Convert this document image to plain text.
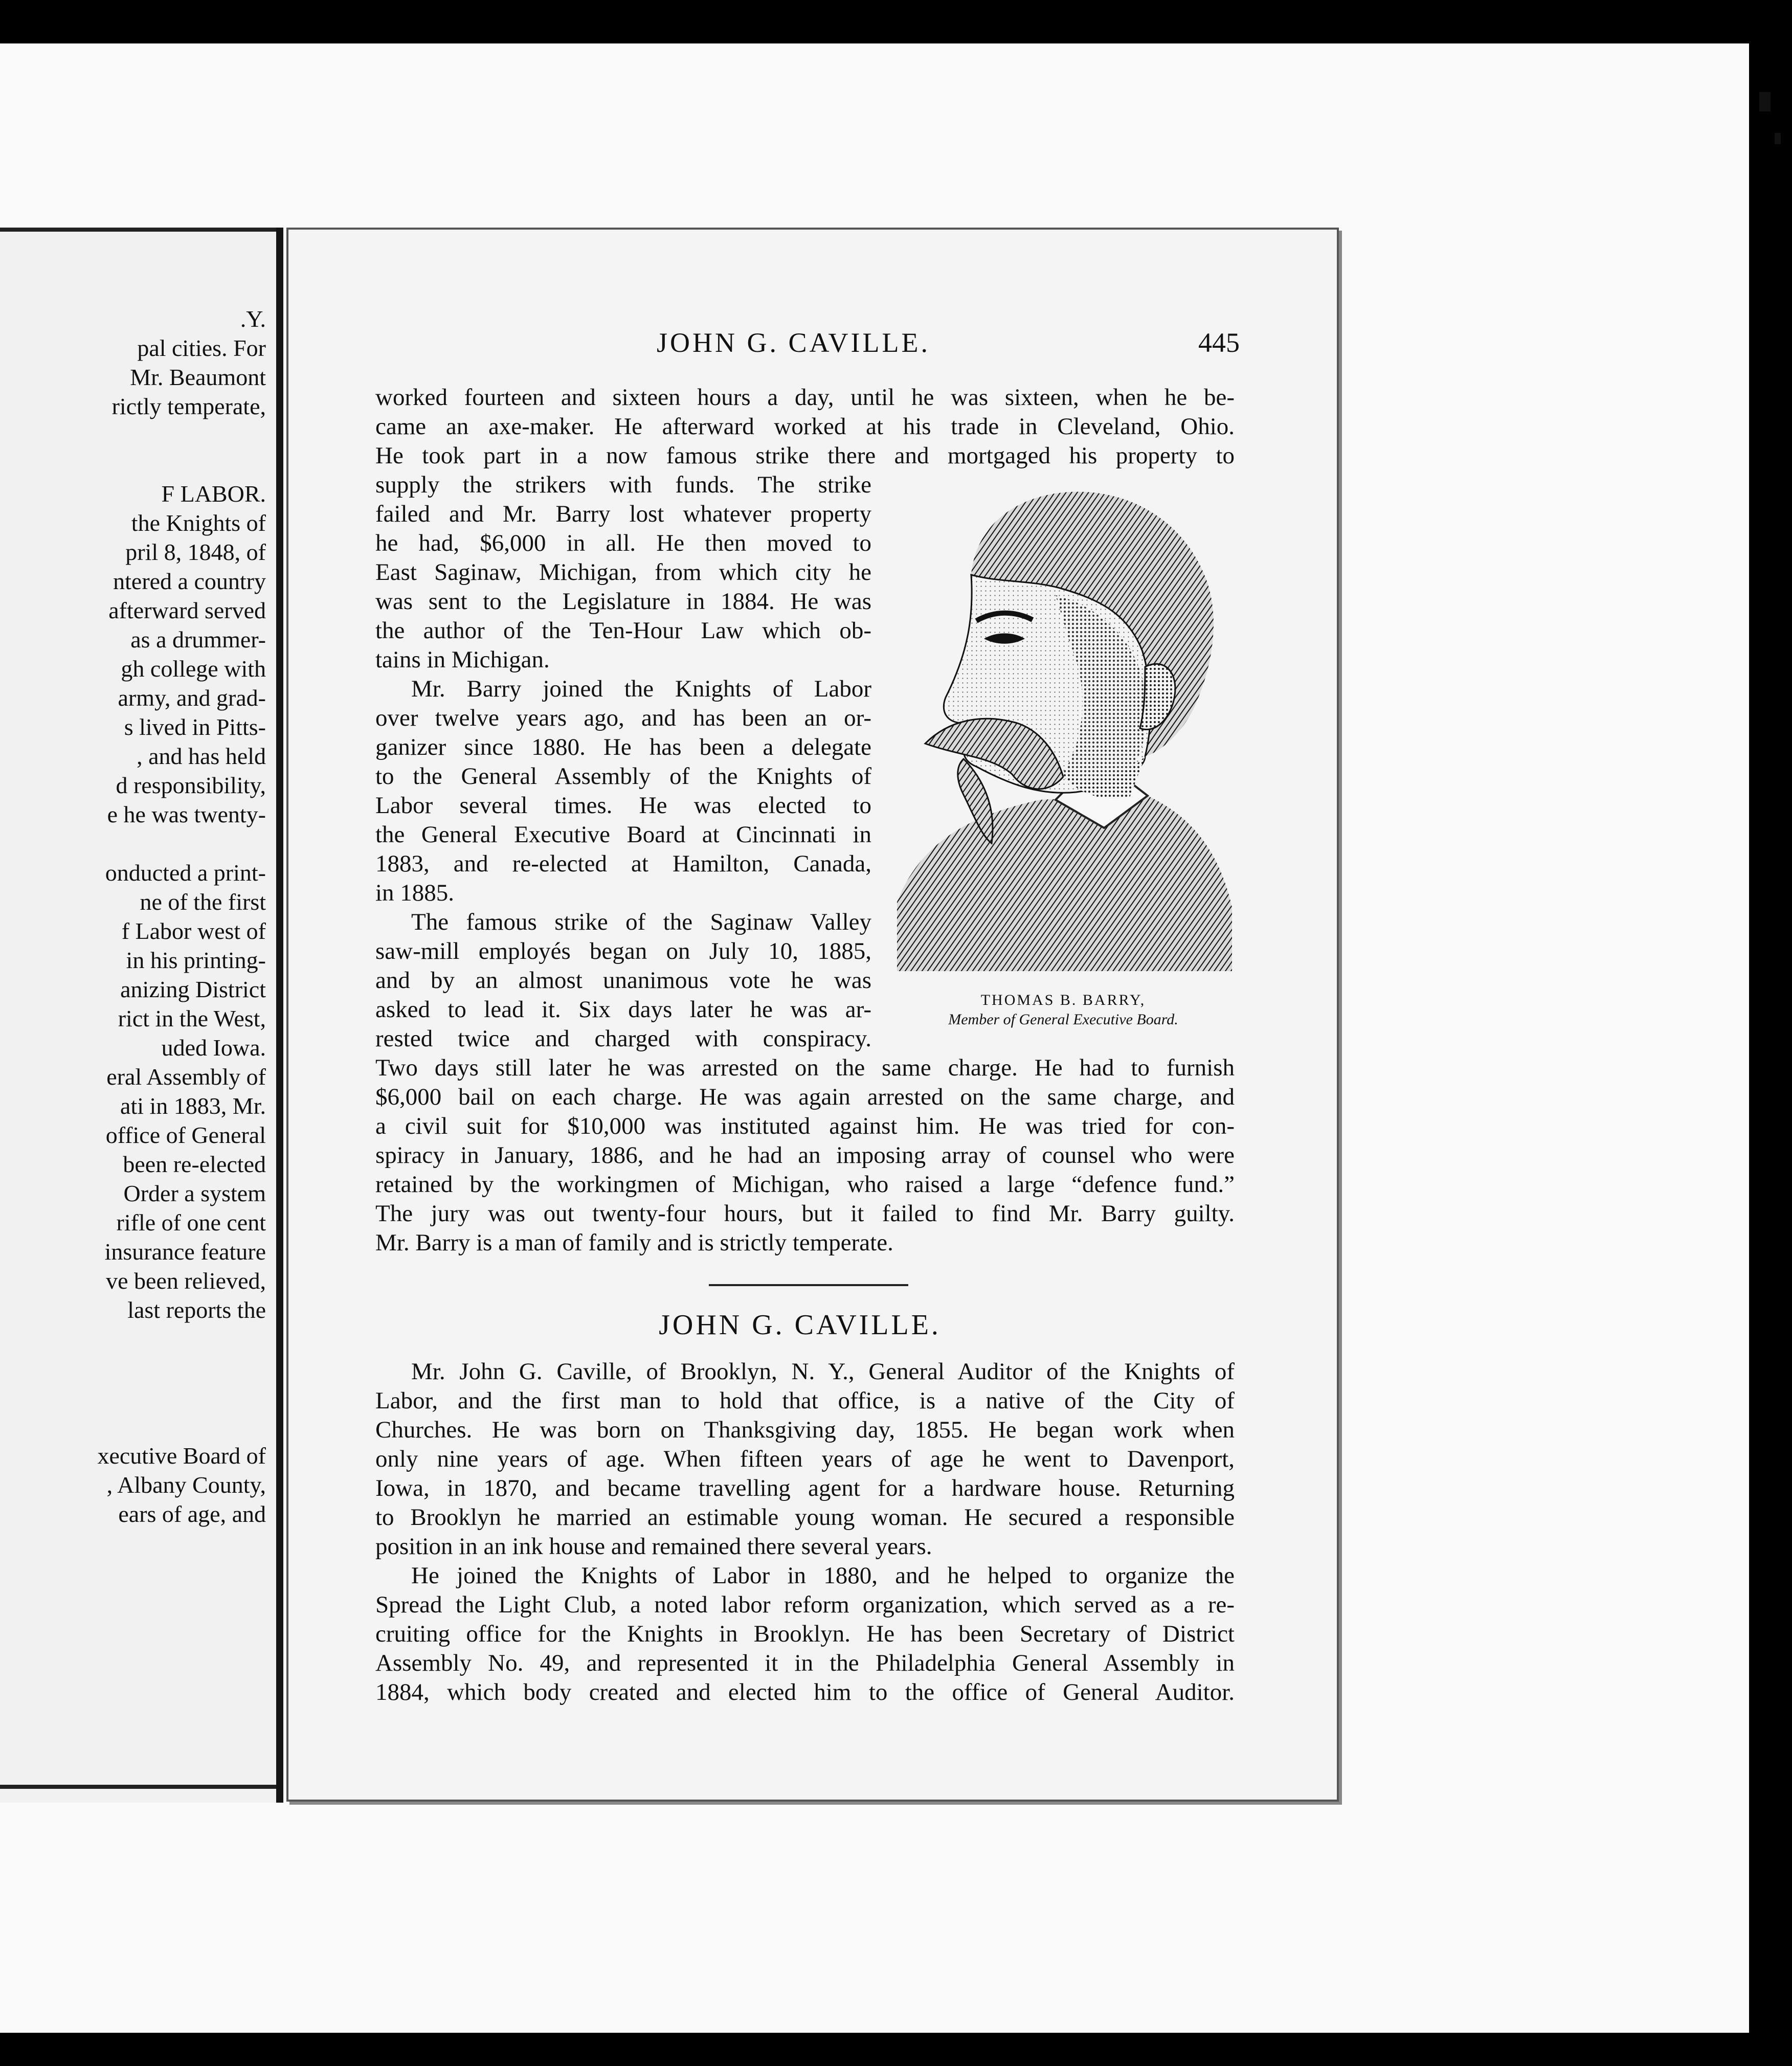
.Y.
pal cities. For
Mr. Beaumont
rictly temperate,
F LABOR.
the Knights of
pril 8, 1848, of
ntered a country
afterward served
as a drummer-
gh college with
army, and grad-
s lived in Pitts-
, and has held
d responsibility,
e he was twenty-
onducted a print-
ne of the first
f Labor west of
in his printing-
anizing District
rict in the West,
uded Iowa.
eral Assembly of
ati in 1883, Mr.
office of General
been re-elected
Order a system
rifle of one cent
insurance feature
ve been relieved,
last reports the
xecutive Board of
, Albany County,
ears of age, and
JOHN G. CAVILLE.	445
worked fourteen and sixteen hours a day, until he was sixteen, when he be-
came an axe-maker. He afterward worked at his trade in Cleveland, Ohio.
He took part in a now famous strike there and mortgaged his property to
supply the strikers with funds. The strike
failed and Mr. Barry lost whatever property
he had, $6,000 in all. He then moved to
East Saginaw, Michigan, from which city he
was sent to the Legislature in 1884. He was
the author of the Ten-Hour Law which ob-
tains in Michigan.
Mr. Barry joined the Knights of Labor
over twelve years ago, and has been an or-
ganizer since 1880. He has been a delegate
to the General Assembly of the Knights of
Labor several times. He was elected to
the General Executive Board at Cincinnati in
1883, and re-elected at Hamilton, Canada,
in 1885.
The famous strike of the Saginaw Valley
saw-mill employés began on July 10, 1885,
and by an almost unanimous vote he was
asked to lead it. Six days later he was ar-
rested twice and charged with conspiracy.
THOMAS B. BARRY,
Member of General Executive Board.
Two days still later he was arrested on the same charge. He had to furnish
$6,000 bail on each charge. He was again arrested on the same charge, and
a civil suit for $10,000 was instituted against him. He was tried for con-
spiracy in January, 1886, and he had an imposing array of counsel who were
retained by the workingmen of Michigan, who raised a large “defence fund.”
The jury was out twenty-four hours, but it failed to find Mr. Barry guilty.
Mr. Barry is a man of family and is strictly temperate.
JOHN G. CAVILLE.
Mr. John G. Caville, of Brooklyn, N. Y., General Auditor of the Knights of
Labor, and the first man to hold that office, is a native of the City of
Churches. He was born on Thanksgiving day, 1855. He began work when
only nine years of age. When fifteen years of age he went to Davenport,
Iowa, in 1870, and became travelling agent for a hardware house. Returning
to Brooklyn he married an estimable young woman. He secured a responsible
position in an ink house and remained there several years.
He joined the Knights of Labor in 1880, and he helped to organize the
Spread the Light Club, a noted labor reform organization, which served as a re-
cruiting office for the Knights in Brooklyn. He has been Secretary of District
Assembly No. 49, and represented it in the Philadelphia General Assembly in
1884, which body created and elected him to the office of General Auditor.
